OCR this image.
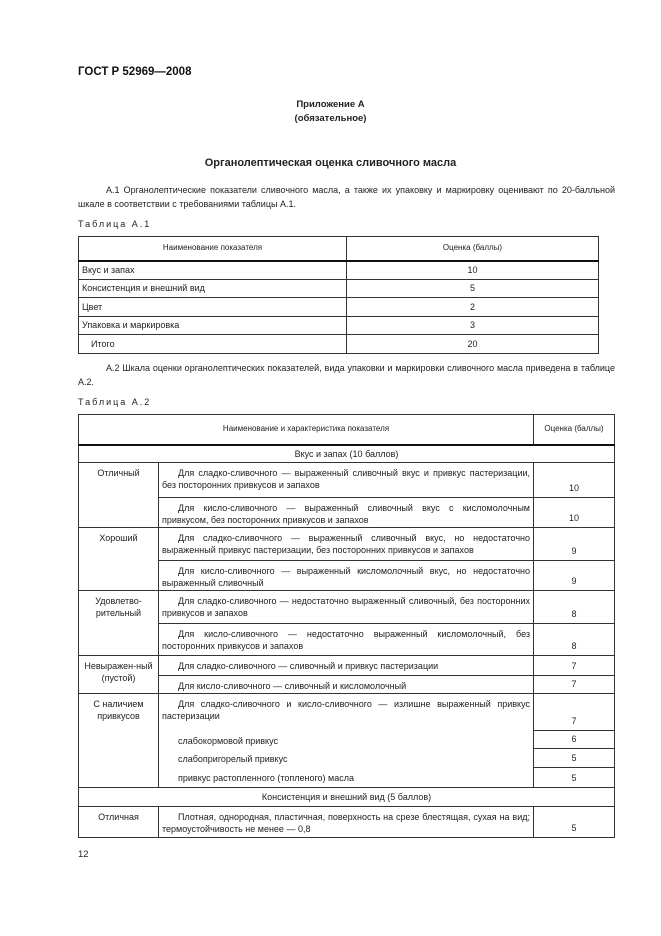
ГОСТ Р 52969—2008
Приложение А
(обязательное)
Органолептическая оценка сливочного масла
А.1 Органолептические показатели сливочного масла, а также их упаковку и маркировку оценивают по 20-балльной шкале в соответствии с требованиями таблицы А.1.
Таблица А.1
Наименование показателя	Оценка (баллы)
Вкус и запах	10
Консистенция и внешний вид	5
Цвет	2
Упаковка и маркировка	3
Итого	20
А.2 Шкала оценки органолептических показателей, вида упаковки и маркировки сливочного масла приведена в таблице А.2.
Таблица А.2
Наименование и характеристика показателя		Оценка (баллы)
Вкус и запах (10 баллов)		
Отличный	Для сладко-сливочного — выраженный сливочный вкус и привкус пастеризации, без посторонних привкусов и запахов	10
	Для кисло-сливочного — выраженный сливочный вкус с кисломолочным привкусом, без посторонних привкусов и запахов	10
Хороший	Для сладко-сливочного — выраженный сливочный вкус, но недостаточно выраженный привкус пастеризации, без посторонних привкусов и запахов	9
	Для кисло-сливочного — выраженный кисломолочный вкус, но недостаточно выраженный сливочный	9
Удовлетво-рительный	Для сладко-сливочного — недостаточно выраженный сливочный, без посторонних привкусов и запахов	8
	Для кисло-сливочного — недостаточно выраженный кисломолочный, без посторонних привкусов и запахов	8
Невыражен-ный (пустой)	Для сладко-сливочного — сливочный и привкус пастеризации	7
	Для кисло-сливочного — сливочный и кисломолочный	7
С наличием привкусов	Для сладко-сливочного и кисло-сливочного — излишне выраженный привкус пастеризации	7
	слабокормовой привкус	6
	слабопригорелый привкус	5
	привкус растопленного (топленого) масла	5
Консистенция и внешний вид (5 баллов)		
Отличная	Плотная, однородная, пластичная, поверхность на срезе блестящая, сухая на вид; термоустойчивость не менее — 0,8	5
12
